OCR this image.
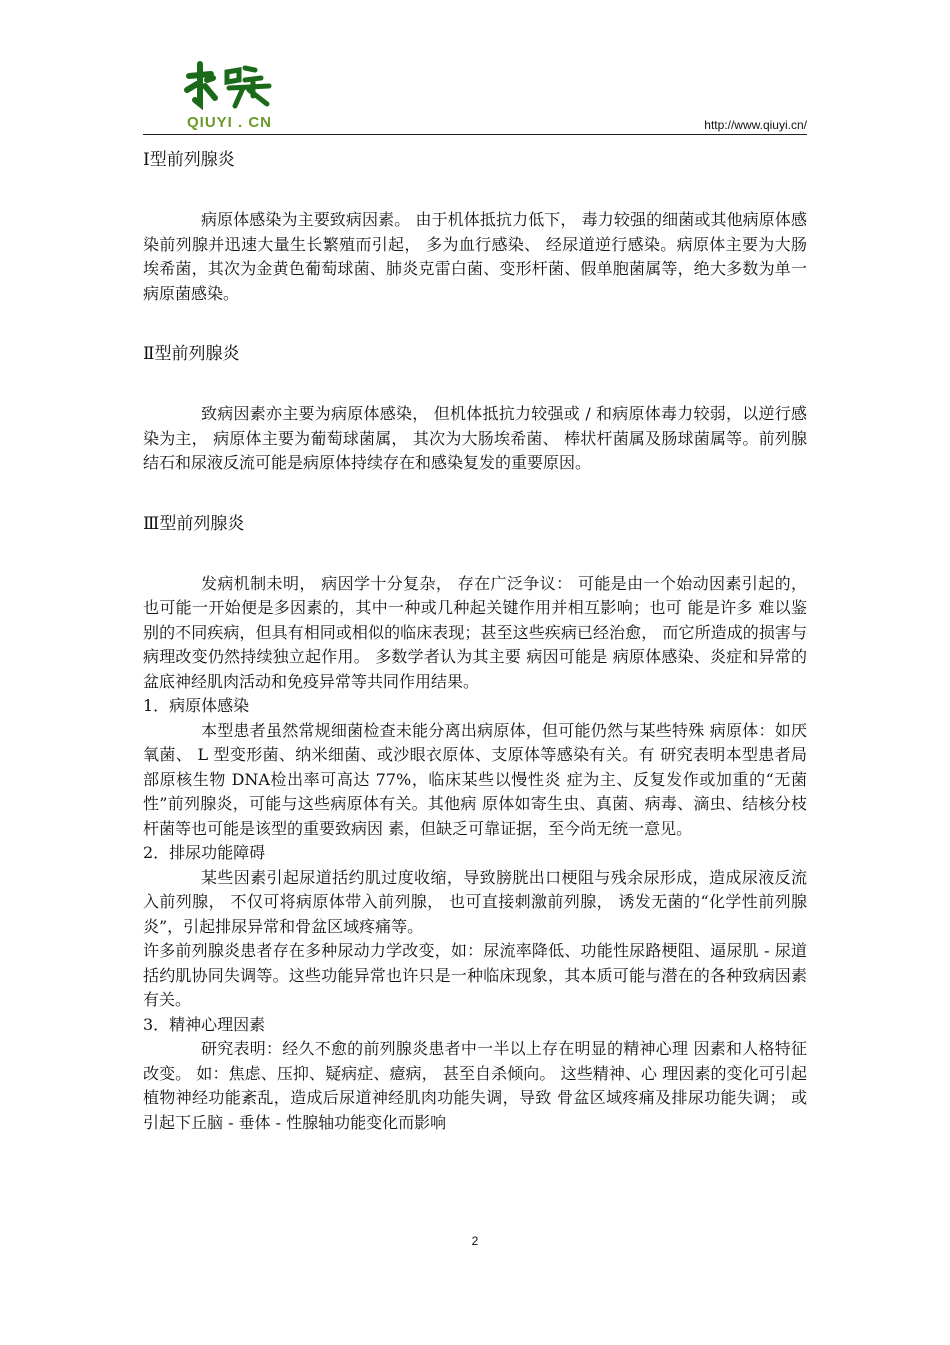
QIUYI . CN	http://www.qiuyi.cn/

Ⅰ型前列腺炎

病原体感染为主要致病因素。 由于机体抵抗力低下， 毒力较强的细菌或其他病原体感染前列腺并迅速大量生长繁殖而引起， 多为血行感染、 经尿道逆行感染。病原体主要为大肠埃希菌，其次为金黄色葡萄球菌、肺炎克雷白菌、变形杆菌、假单胞菌属等，绝大多数为单一病原菌感染。

Ⅱ型前列腺炎

致病因素亦主要为病原体感染， 但机体抵抗力较强或 / 和病原体毒力较弱，以逆行感染为主， 病原体主要为葡萄球菌属， 其次为大肠埃希菌、 棒状杆菌属及肠球菌属等。前列腺结石和尿液反流可能是病原体持续存在和感染复发的重要原因。

Ⅲ型前列腺炎

发病机制未明， 病因学十分复杂， 存在广泛争议： 可能是由一个始动因素引起的，也可能一开始便是多因素的，其中一种或几种起关键作用并相互影响；也可 能是许多 难以鉴别的不同疾病，但具有相同或相似的临床表现；甚至这些疾病已经治愈， 而它所造成的损害与病理改变仍然持续独立起作用。 多数学者认为其主要 病因可能是 病原体感染、炎症和异常的盆底神经肌肉活动和免疫异常等共同作用结果。

1．病原体感染

本型患者虽然常规细菌检查未能分离出病原体，但可能仍然与某些特殊 病原体：如厌氧菌、 L 型变形菌、纳米细菌、或沙眼衣原体、支原体等感染有关。有 研究表明本型患者局部原核生物 DNA检出率可高达 77%，临床某些以慢性炎 症为主、反复发作或加重的“无菌性”前列腺炎，可能与这些病原体有关。其他病 原体如寄生虫、真菌、病毒、滴虫、结核分枝杆菌等也可能是该型的重要致病因 素，但缺乏可靠证据，至今尚无统一意见。

2．排尿功能障碍

某些因素引起尿道括约肌过度收缩，导致膀胱出口梗阻与残余尿形成，造成尿液反流入前列腺， 不仅可将病原体带入前列腺， 也可直接刺激前列腺， 诱发无菌的“化学性前列腺炎”，引起排尿异常和骨盆区域疼痛等。

许多前列腺炎患者存在多种尿动力学改变，如：尿流率降低、功能性尿路梗阻、逼尿肌 - 尿道括约肌协同失调等。这些功能异常也许只是一种临床现象，其本质可能与潜在的各种致病因素有关。

3．精神心理因素

研究表明：经久不愈的前列腺炎患者中一半以上存在明显的精神心理 因素和人格特征改变。 如：焦虑、压抑、疑病症、癔病， 甚至自杀倾向。 这些精神、心 理因素的变化可引起植物神经功能紊乱，造成后尿道神经肌肉功能失调，导致 骨盆区域疼痛及排尿功能失调； 或引起下丘脑 - 垂体 - 性腺轴功能变化而影响

2
